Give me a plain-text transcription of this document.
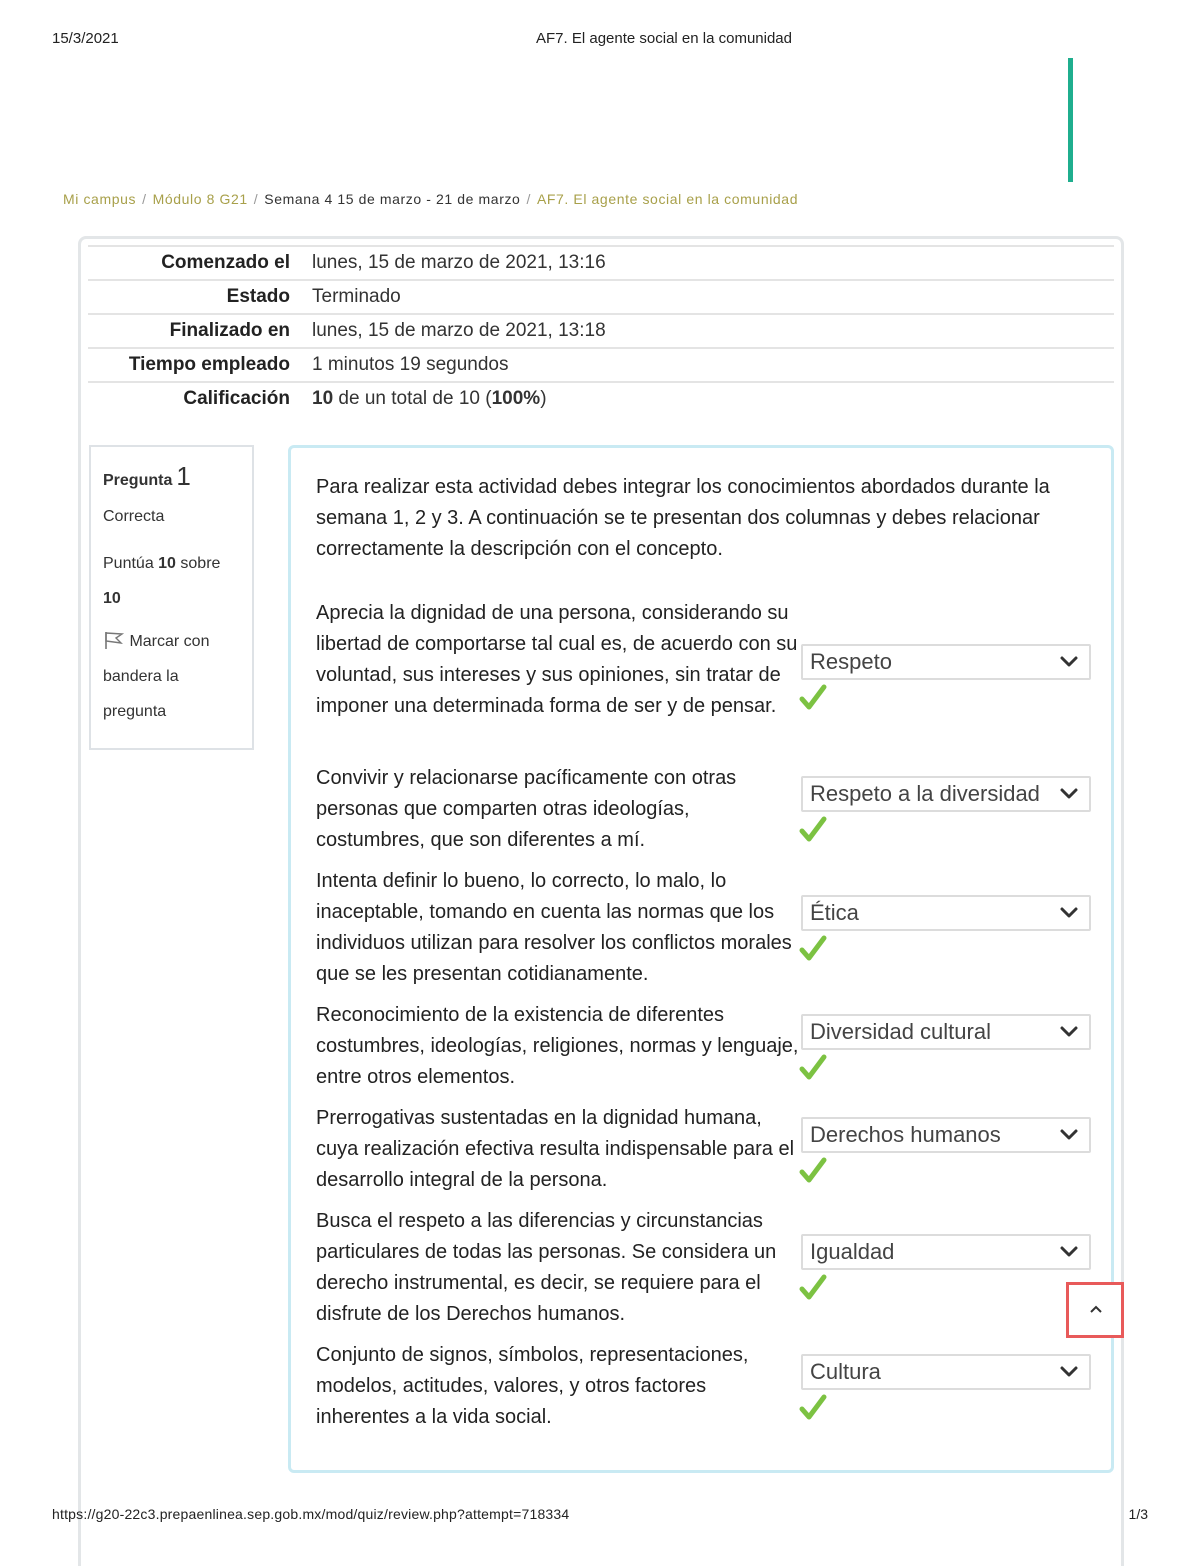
15/3/2021	AF7. El agente social en la comunidad
Mi campus / Módulo 8 G21 / Semana 4 15 de marzo - 21 de marzo / AF7. El agente social en la comunidad
Comenzado el	lunes, 15 de marzo de 2021, 13:16
Estado	Terminado
Finalizado en	lunes, 15 de marzo de 2021, 13:18
Tiempo empleado	1 minutos 19 segundos
Calificación	10 de un total de 10 (100%)
Pregunta 1
Correcta
Puntúa 10 sobre 10
Marcar con bandera la pregunta
Para realizar esta actividad debes integrar los conocimientos abordados durante la semana 1, 2 y 3. A continuación se te presentan dos columnas y debes relacionar correctamente la descripción con el concepto.
Aprecia la dignidad de una persona, considerando su libertad de comportarse tal cual es, de acuerdo con su voluntad, sus intereses y sus opiniones, sin tratar de imponer una determinada forma de ser y de pensar.
Respeto
Convivir y relacionarse pacíficamente con otras personas que comparten otras ideologías, costumbres, que son diferentes a mí.
Respeto a la diversidad
Intenta definir lo bueno, lo correcto, lo malo, lo inaceptable, tomando en cuenta las normas que los individuos utilizan para resolver los conflictos morales que se les presentan cotidianamente.
Ética
Reconocimiento de la existencia de diferentes costumbres, ideologías, religiones, normas y lenguaje, entre otros elementos.
Diversidad cultural
Prerrogativas sustentadas en la dignidad humana, cuya realización efectiva resulta indispensable para el desarrollo integral de la persona.
Derechos humanos
Busca el respeto a las diferencias y circunstancias particulares de todas las personas. Se considera un derecho instrumental, es decir, se requiere para el disfrute de los Derechos humanos.
Igualdad
Conjunto de signos, símbolos, representaciones, modelos, actitudes, valores, y otros factores inherentes a la vida social.
Cultura
https://g20-22c3.prepaenlinea.sep.gob.mx/mod/quiz/review.php?attempt=718334	1/3
